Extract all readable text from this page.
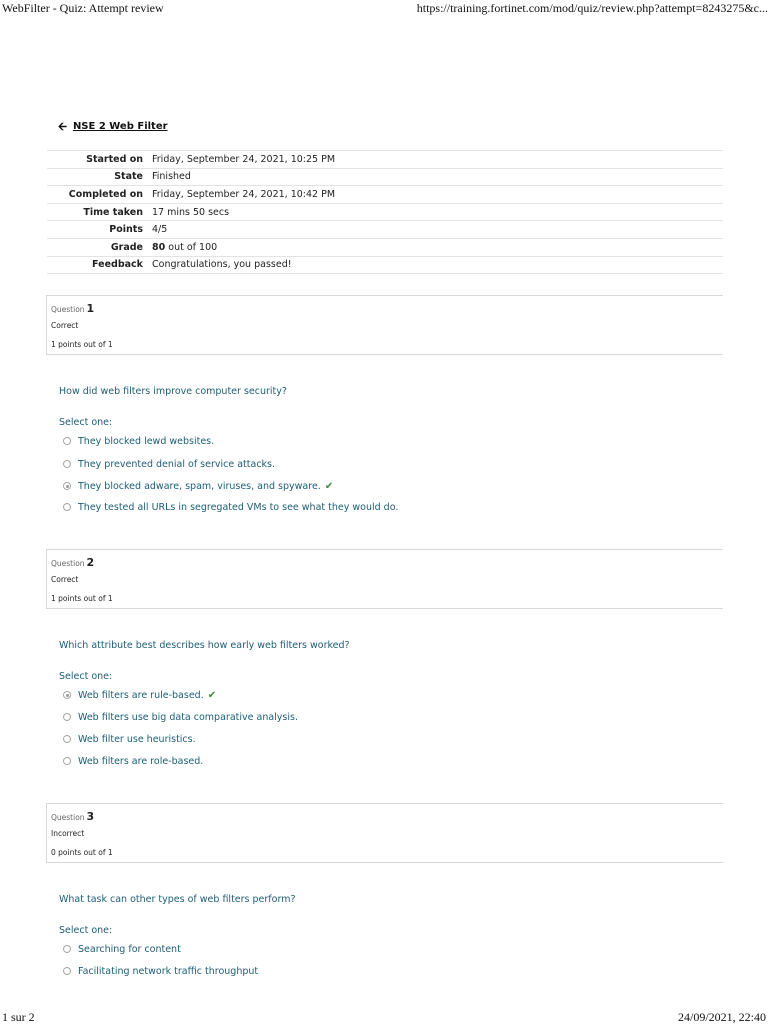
WebFilter - Quiz: Attempt review	https://training.fortinet.com/mod/quiz/review.php?attempt=8243275&c...
🡨 NSE 2 Web Filter
Started on	Friday, September 24, 2021, 10:25 PM
State	Finished
Completed on	Friday, September 24, 2021, 10:42 PM
Time taken	17 mins 50 secs
Points	4/5
Grade	80 out of 100
Feedback	Congratulations, you passed!
Question 1
Correct
1 points out of 1
How did web filters improve computer security?
Select one:
They blocked lewd websites.
They prevented denial of service attacks.
They blocked adware, spam, viruses, and spyware. ✔
They tested all URLs in segregated VMs to see what they would do.
Question 2
Correct
1 points out of 1
Which attribute best describes how early web filters worked?
Select one:
Web filters are rule-based. ✔
Web filters use big data comparative analysis.
Web filter use heuristics.
Web filters are role-based.
Question 3
Incorrect
0 points out of 1
What task can other types of web filters perform?
Select one:
Searching for content
Facilitating network traffic throughput
1 sur 2	24/09/2021, 22:40
